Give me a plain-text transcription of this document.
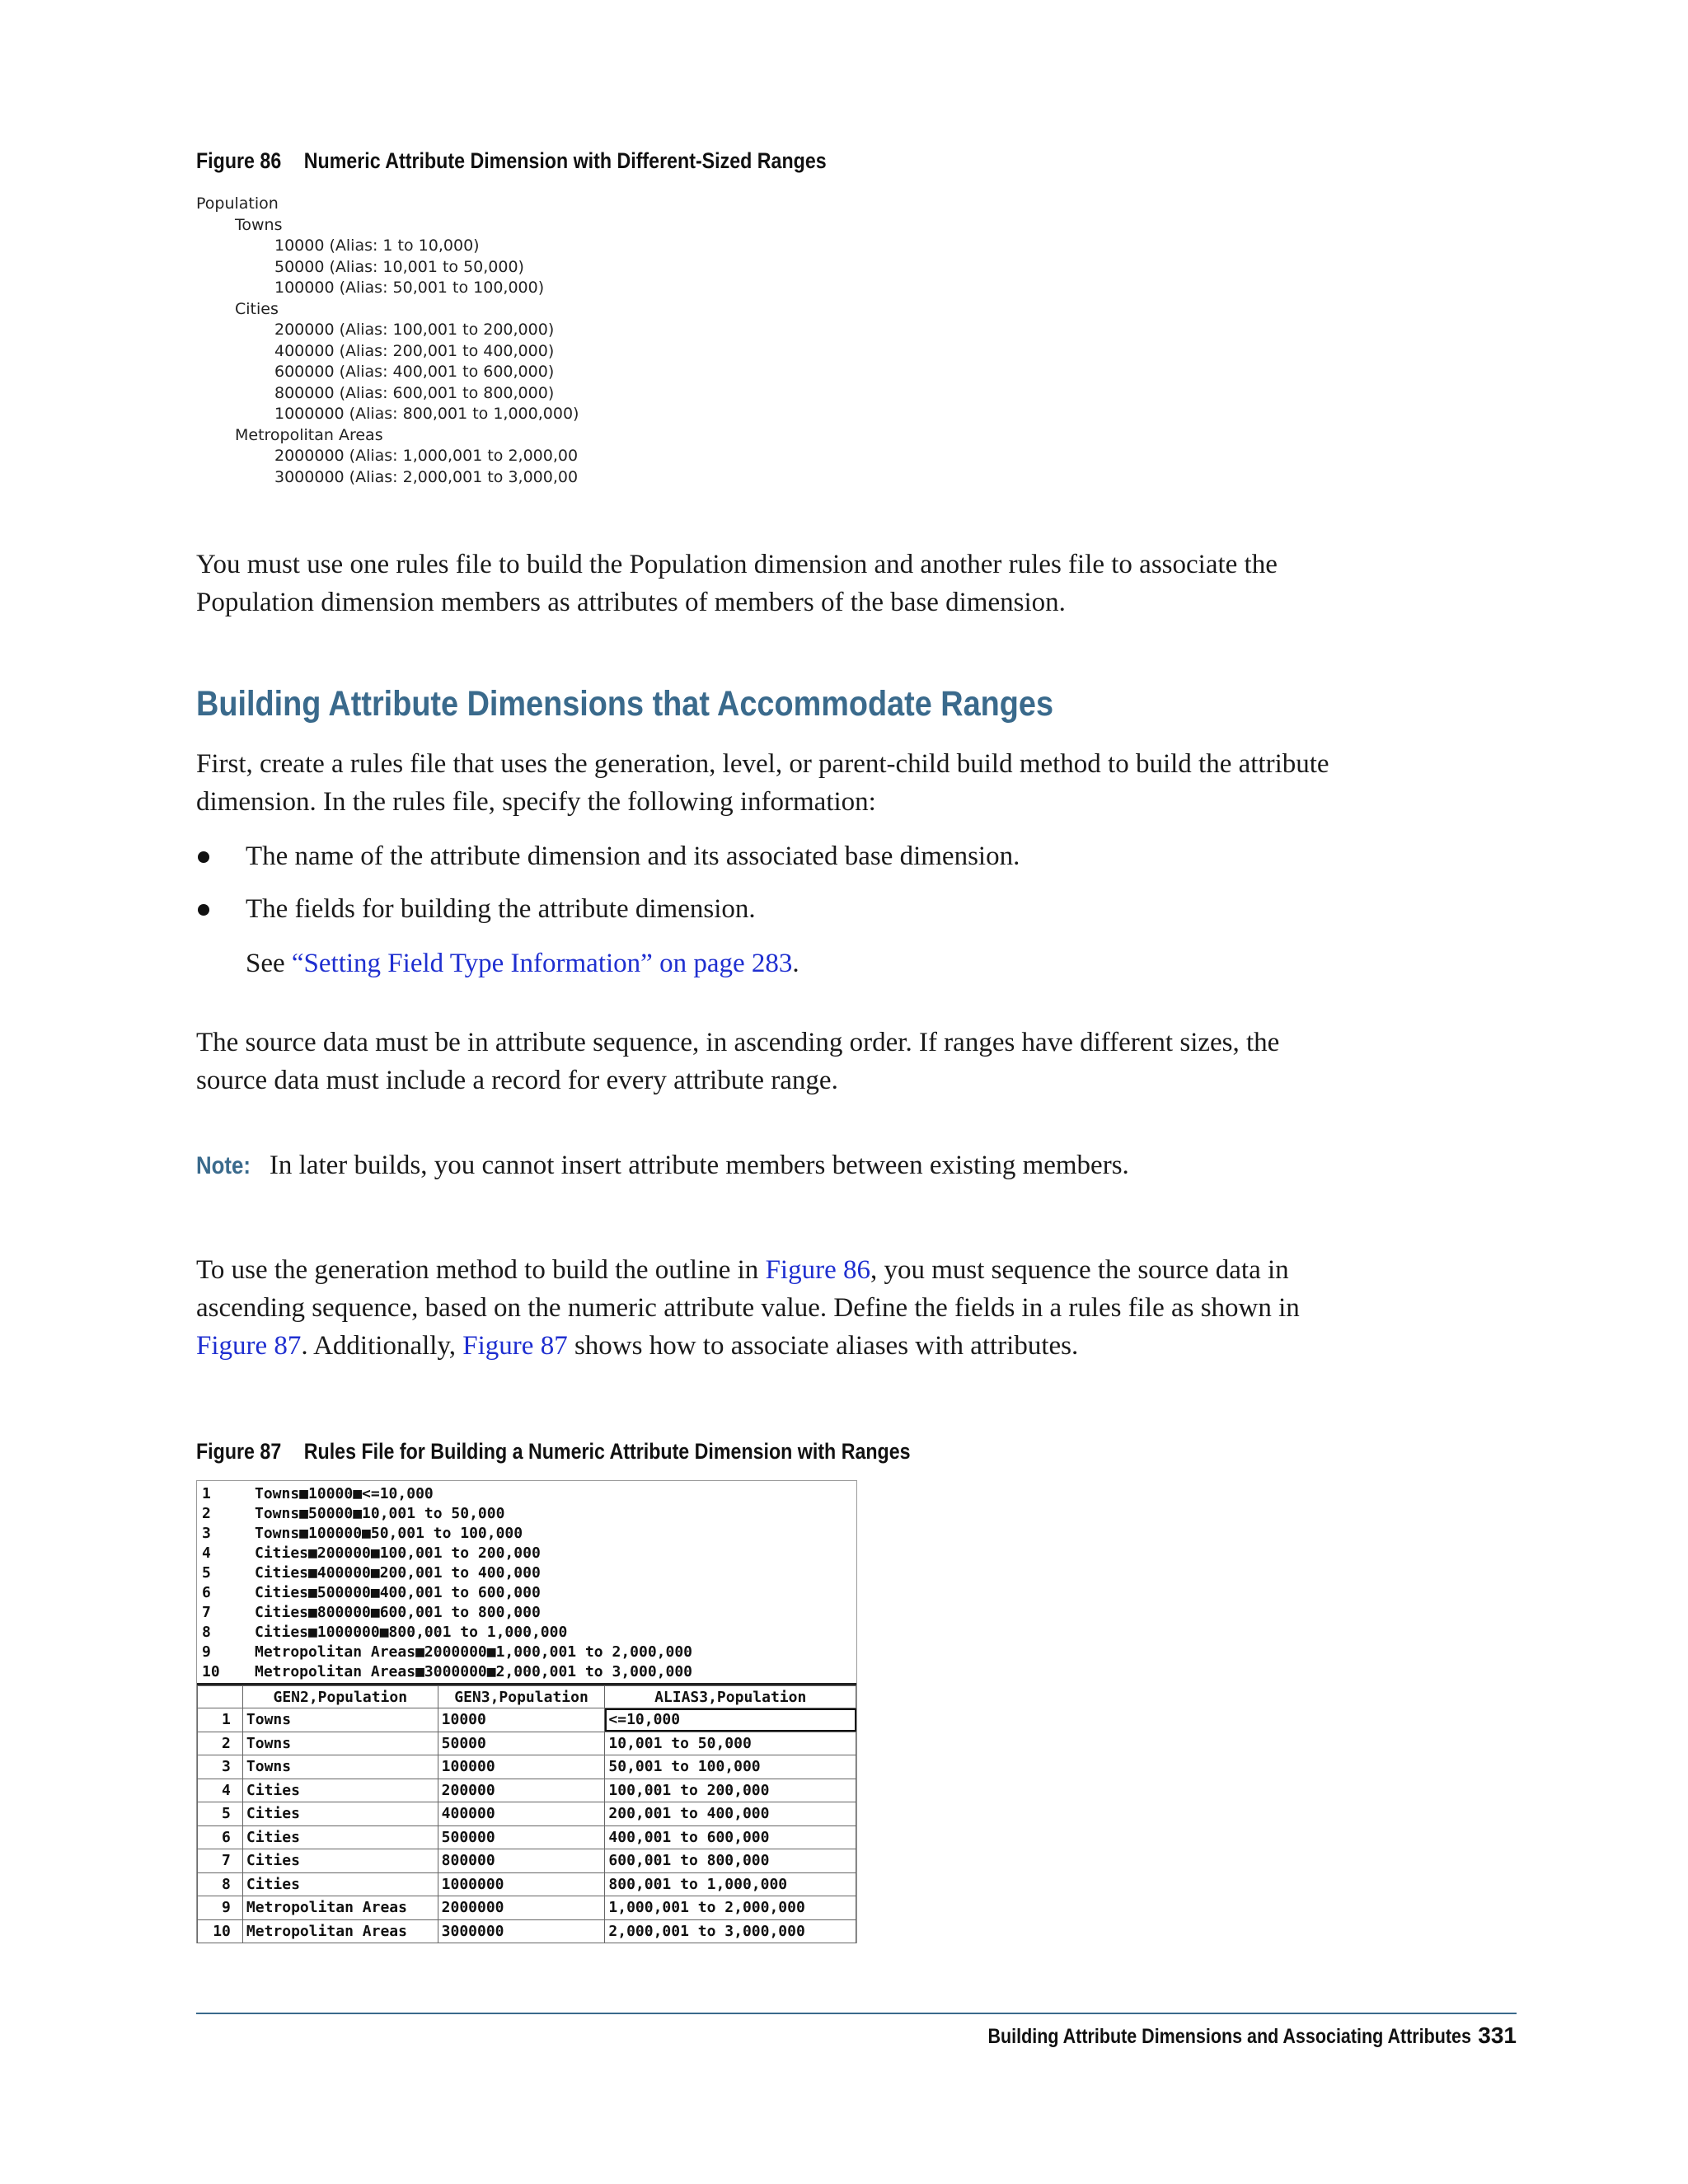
Figure 86 Numeric Attribute Dimension with Different-Sized Ranges
Population
Towns
10000 (Alias: 1 to 10,000)
50000 (Alias: 10,001 to 50,000)
100000 (Alias: 50,001 to 100,000)
Cities
200000 (Alias: 100,001 to 200,000)
400000 (Alias: 200,001 to 400,000)
600000 (Alias: 400,001 to 600,000)
800000 (Alias: 600,001 to 800,000)
1000000 (Alias: 800,001 to 1,000,000)
Metropolitan Areas
2000000 (Alias: 1,000,001 to 2,000,00
3000000 (Alias: 2,000,001 to 3,000,00
You must use one rules file to build the Population dimension and another rules file to associate the Population dimension members as attributes of members of the base dimension.
Building Attribute Dimensions that Accommodate Ranges
First, create a rules file that uses the generation, level, or parent-child build method to build the attribute dimension. In the rules file, specify the following information:
The name of the attribute dimension and its associated base dimension.
The fields for building the attribute dimension.
See “Setting Field Type Information” on page 283.
The source data must be in attribute sequence, in ascending order. If ranges have different sizes, the source data must include a record for every attribute range.
Note: In later builds, you cannot insert attribute members between existing members.
To use the generation method to build the outline in Figure 86, you must sequence the source data in ascending sequence, based on the numeric attribute value. Define the fields in a rules file as shown in Figure 87. Additionally, Figure 87 shows how to associate aliases with attributes.
Figure 87 Rules File for Building a Numeric Attribute Dimension with Ranges
1	Towns■10000■<=10,000
2	Towns■50000■10,001 to 50,000
3	Towns■100000■50,001 to 100,000
4	Cities■200000■100,001 to 200,000
5	Cities■400000■200,001 to 400,000
6	Cities■500000■400,001 to 600,000
7	Cities■800000■600,001 to 800,000
8	Cities■1000000■800,001 to 1,000,000
9	Metropolitan Areas■2000000■1,000,001 to 2,000,000
10 Metropolitan Areas■3000000■2,000,001 to 3,000,000
	GEN2,Population	GEN3,Population	ALIAS3,Population
1	Towns	10000	<=10,000
2	Towns	50000	10,001 to 50,000
3	Towns	100000	50,001 to 100,000
4	Cities	200000	100,001 to 200,000
5	Cities	400000	200,001 to 400,000
6	Cities	500000	400,001 to 600,000
7	Cities	800000	600,001 to 800,000
8	Cities	1000000	800,001 to 1,000,000
9	Metropolitan Areas	2000000	1,000,001 to 2,000,000
10	Metropolitan Areas	3000000	2,000,001 to 3,000,000
Building Attribute Dimensions and Associating Attributes 331
